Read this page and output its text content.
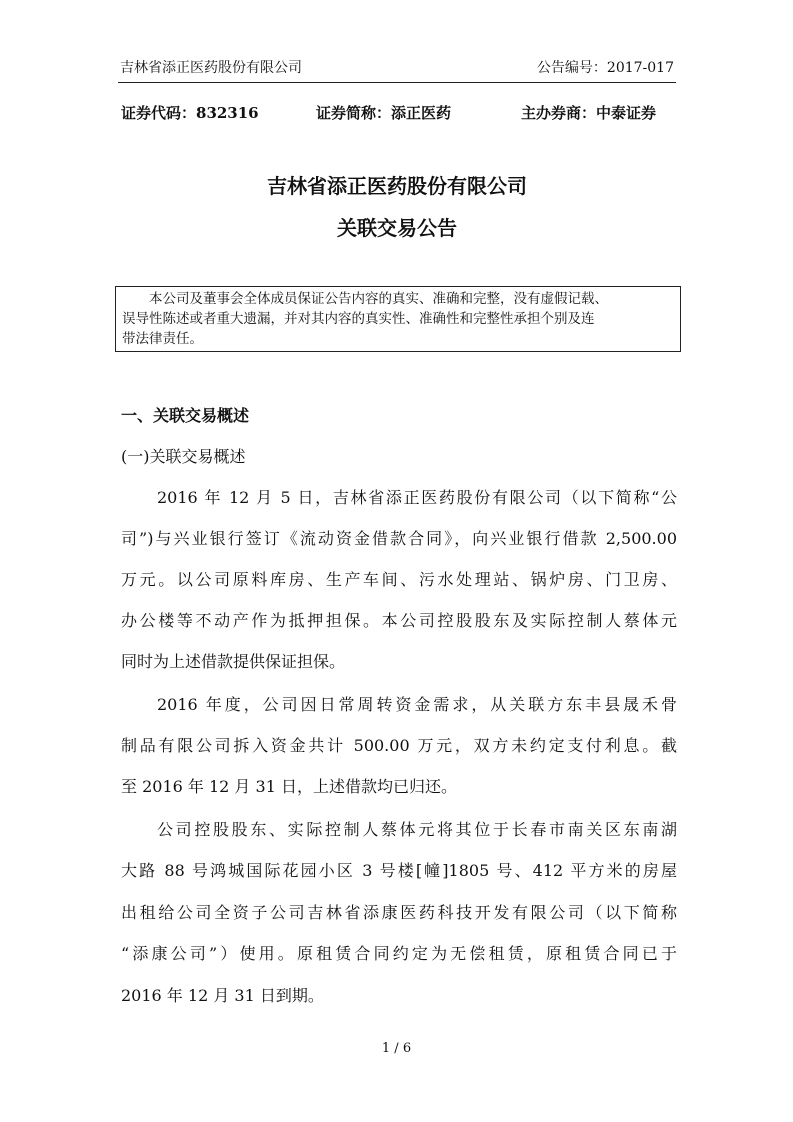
吉林省添正医药股份有限公司	公告编号：2017-017
证券代码：832316	证券简称：添正医药	主办券商：中泰证券
吉林省添正医药股份有限公司
关联交易公告
　　本公司及董事会全体成员保证公告内容的真实、准确和完整，没有虚假记载、
误导性陈述或者重大遗漏，并对其内容的真实性、准确性和完整性承担个别及连
带法律责任。
一、关联交易概述
(一)关联交易概述
2016 年 12 月 5 日，吉林省添正医药股份有限公司（以下简称“公
司”)与兴业银行签订《流动资金借款合同》，向兴业银行借款 2,500.00
万元。以公司原料库房、生产车间、污水处理站、锅炉房、门卫房、
办公楼等不动产作为抵押担保。本公司控股股东及实际控制人蔡体元
同时为上述借款提供保证担保。
2016 年度，公司因日常周转资金需求，从关联方东丰县晟禾骨
制品有限公司拆入资金共计 500.00 万元，双方未约定支付利息。截
至 2016 年 12 月 31 日，上述借款均已归还。
公司控股股东、实际控制人蔡体元将其位于长春市南关区东南湖
大路 88 号鸿城国际花园小区 3 号楼[幢]1805 号、412 平方米的房屋
出租给公司全资子公司吉林省添康医药科技开发有限公司（以下简称
“添康公司”）使用。原租赁合同约定为无偿租赁，原租赁合同已于
2016 年 12 月 31 日到期。
1 / 6
